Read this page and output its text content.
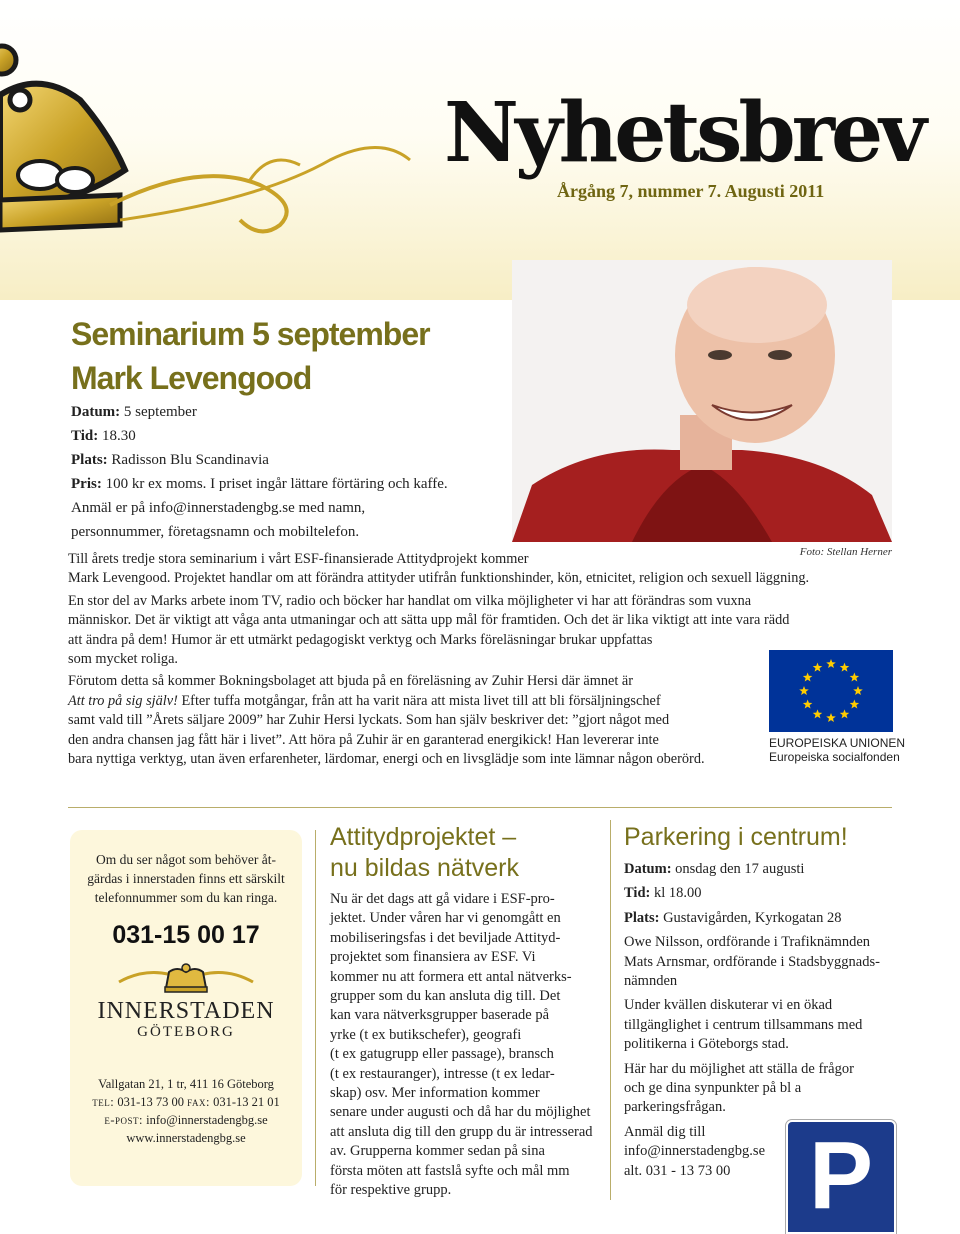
Nyhetsbrev
Årgång 7, nummer 7. Augusti 2011
Foto: Stellan Herner
Seminarium 5 september
Mark Levengood
Datum: 5 september
Tid: 18.30
Plats: Radisson Blu Scandinavia
Pris: 100 kr ex moms. I priset ingår lättare förtäring och kaffe.
Anmäl er på info@innerstadengbg.se med namn,
personnummer, företagsnamn och mobiltelefon.

Till årets tredje stora seminarium i vårt ESF-finansierade Attitydprojekt kommer
Mark Levengood. Projektet handlar om att förändra attityder utifrån funktionshinder, kön, etnicitet, religion och sexuell läggning.

En stor del av Marks arbete inom TV, radio och böcker har handlat om vilka möjligheter vi har att förändras som vuxna
människor. Det är viktigt att våga anta utmaningar och att sätta upp mål för framtiden. Och det är lika viktigt att inte vara rädd
att ändra på dem! Humor är ett utmärkt pedagogiskt verktyg och Marks föreläsningar brukar uppfattas
som mycket roliga.

Förutom detta så kommer Bokningsbolaget att bjuda på en föreläsning av Zuhir Hersi där ämnet är
Att tro på sig själv! Efter tuffa motgångar, från att ha varit nära att mista livet till att bli försäljningschef
samt vald till ”Årets säljare 2009” har Zuhir Hersi lyckats. Som han själv beskriver det: ”gjort något med
den andra chansen jag fått här i livet”. Att höra på Zuhir är en garanterad energikick! Han levererar inte
bara nyttiga verktyg, utan även erfarenheter, lärdomar, energi och en livsglädje som inte lämnar någon oberörd.

EUROPEISKA UNIONEN
Europeiska socialfonden
Om du ser något som behöver åt-
gärdas i innerstaden finns ett särskilt
telefonnummer som du kan ringa.
031-15 00 17
INNERSTADEN
GÖTEBORG
Vallgatan 21, 1 tr, 411 16 Göteborg
tel: 031-13 73 00 fax: 031-13 21 01
e-post: info@innerstadengbg.se
www.innerstadengbg.se
Attitydprojektet –
nu bildas nätverk
Nu är det dags att gå vidare i ESF-pro-
jektet. Under våren har vi genomgått en
mobiliseringsfas i det beviljade Attityd-
projektet som finansiera av ESF. Vi
kommer nu att formera ett antal nätverks-
grupper som du kan ansluta dig till. Det
kan vara nätverksgrupper baserade på
yrke (t ex butikschefer), geografi
(t ex gatugrupp eller passage), bransch
(t ex restauranger), intresse (t ex ledar-
skap) osv. Mer information kommer
senare under augusti och då har du möjlighet
att ansluta dig till den grupp du är intresserad
av. Grupperna kommer sedan på sina
första möten att fastslå syfte och mål mm
för respektive grupp.
Parkering i centrum!

Datum: onsdag den 17 augusti

Tid: kl 18.00

Plats: Gustavigården, Kyrkogatan 28

Owe Nilsson, ordförande i Trafiknämnden
Mats Arnsmar, ordförande i Stadsbyggnads-
nämnden

Under kvällen diskuterar vi en ökad
tillgänglighet i centrum tillsammans med
politikerna i Göteborgs stad.

Här har du möjlighet att ställa de frågor
och ge dina synpunkter på bl a
parkeringsfrågan.

Anmäl dig till
info@innerstadengbg.se
alt. 031 - 13 73 00 P
